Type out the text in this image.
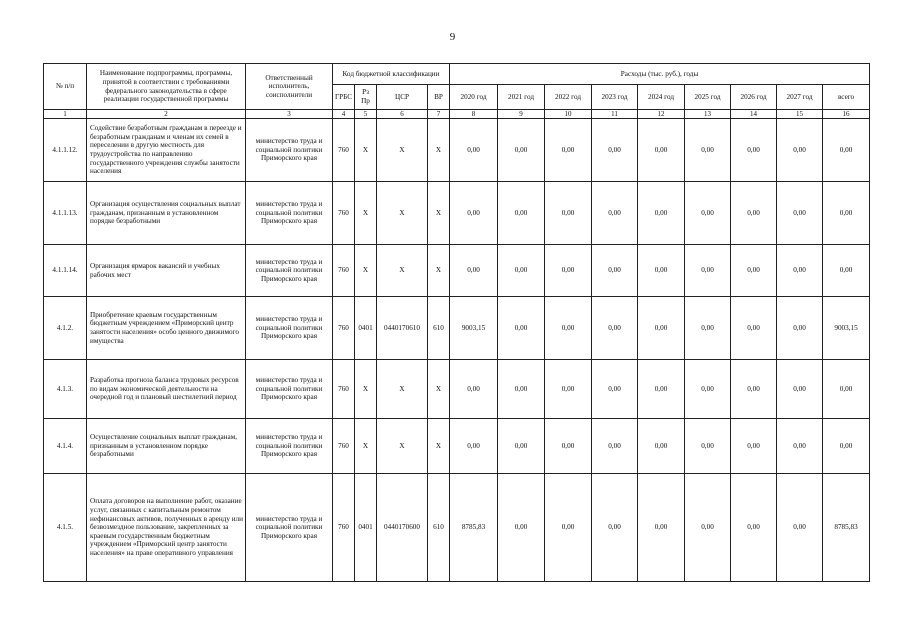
9
№ п/п	Наименование подпрограммы, программы, принятой в соответствии с требованиями федерального законодательства в сфере реализации государственной программы	Ответственный исполнитель, соисполнители	Код бюджетной классификации				Расходы (тыс. руб.), годы								
			ГРБС	Рз Пр	ЦСР	ВР	2020 год	2021 год	2022 год	2023 год	2024 год	2025 год	2026 год	2027 год	всего
1	2	3	4	5	6	7	8	9	10	11	12	13	14	15	16
4.1.1.12.	Содействие безработным гражданам в переезде и безработным гражданам и членам их семей в переселении в другую местность для трудоустройства по направлению государственного учреждения службы занятости населения	министерство труда и социальной политики Приморского края	760	X	X	X	0,00	0,00	0,00	0,00	0,00	0,00	0,00	0,00	0,00
4.1.1.13.	Организация осуществления социальных выплат гражданам, признанным в установленном порядке безработными	министерство труда и социальной политики Приморского края	760	X	X	X	0,00	0,00	0,00	0,00	0,00	0,00	0,00	0,00	0,00
4.1.1.14.	Организация ярмарок вакансий и учебных рабочих мест	министерство труда и социальной политики Приморского края	760	X	X	X	0,00	0,00	0,00	0,00	0,00	0,00	0,00	0,00	0,00
4.1.2.	Приобретение краевым государственным бюджетным учреждением «Приморский центр занятости населения» особо ценного движимого имущества	министерство труда и социальной политики Приморского края	760	0401	0440170610	610	9003,15	0,00	0,00	0,00	0,00	0,00	0,00	0,00	9003,15
4.1.3.	Разработка прогноза баланса трудовых ресурсов по видам экономической деятельности на очередной год и плановый шестилетний период	министерство труда и социальной политики Приморского края	760	X	X	X	0,00	0,00	0,00	0,00	0,00	0,00	0,00	0,00	0,00
4.1.4.	Осуществление социальных выплат гражданам, признанным в установленном порядке безработными	министерство труда и социальной политики Приморского края	760	X	X	X	0,00	0,00	0,00	0,00	0,00	0,00	0,00	0,00	0,00
4.1.5.	Оплата договоров на выполнение работ, оказание услуг, связанных с капитальным ремонтом нефинансовых активов, полученных в аренду или безвозмездное пользование, закрепленных за краевым государственным бюджетным учреждением «Приморский центр занятости населения» на праве оперативного управления	министерство труда и социальной политики Приморского края	760	0401	0440170600	610	8785,83	0,00	0,00	0,00	0,00	0,00	0,00	0,00	8785,83
